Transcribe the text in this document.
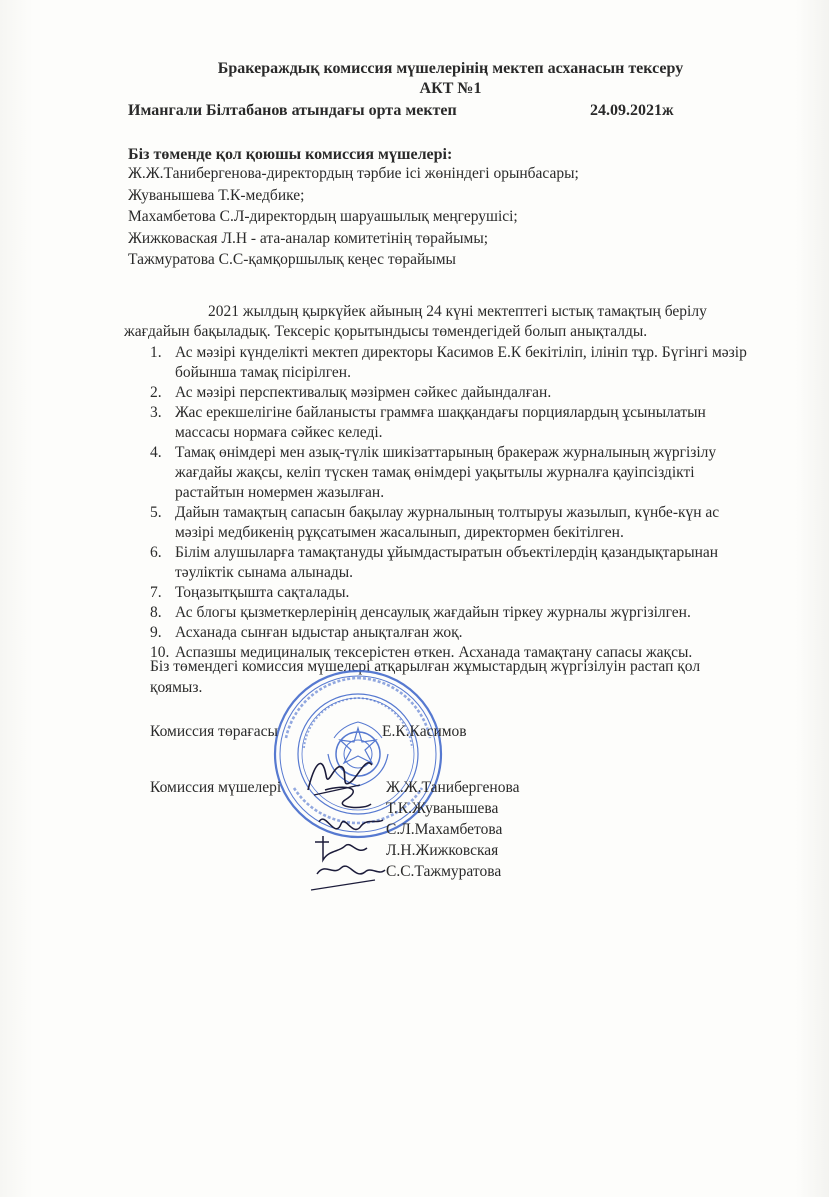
Бракераждық комиссия мүшелерінің мектеп асханасын тексеру
АКТ №1
Имангали Білтабанов атындағы орта мектеп	24.09.2021ж
Біз төменде қол қоюшы комиссия мүшелері:
Ж.Ж.Танибергенова-директордың тәрбие ісі жөніндегі орынбасары;
Жуванышева Т.К-медбике;
Махамбетова С.Л-директордың шаруашылық меңгерушісі;
Жижковаская Л.Н - ата-аналар комитетінің төрайымы;
Тажмуратова С.С-қамқоршылық кеңес төрайымы
2021 жылдың қыркүйек айының 24 күні мектептегі ыстық тамақтың берілу жағдайын бақыладық. Тексеріс қорытындысы төмендегідей болып анықталды.
1. Ас мәзірі күнделікті мектеп директоры Касимов Е.К бекітіліп, ілініп тұр. Бүгінгі мәзір бойынша тамақ пісірілген.
2. Ас мәзірі перспективалық мәзірмен сәйкес дайындалған.
3. Жас ерекшелігіне байланысты граммға шаққандағы порциялардың ұсынылатын массасы нормаға сәйкес келеді.
4. Тамақ өнімдері мен азық-түлік шикізаттарының бракераж журналының жүргізілу жағдайы жақсы, келіп түскен тамақ өнімдері уақытылы журналға қауіпсіздікті растайтын номермен жазылған.
5. Дайын тамақтың сапасын бақылау журналының толтыруы жазылып, күнбе-күн ас мәзірі медбикенің рұқсатымен жасалынып, директормен бекітілген.
6. Білім алушыларға тамақтануды ұйымдастыратын объектілердің қазандықтарынан тәуліктік сынама алынады.
7. Тоңазытқышта сақталады.
8. Ас блогы қызметкерлерінің денсаулық жағдайын тіркеу журналы жүргізілген.
9. Асханада сынған ыдыстар анықталған жоқ.
10. Аспазшы медициналық тексерістен өткен. Асханада тамақтану сапасы жақсы.
Біз төмендегі комиссия мүшелері атқарылған жұмыстардың жүргізілуін растап қол қоямыз.
Комиссия төрағасы	Е.К.Касимов
Комиссия мүшелері	Ж.Ж.Танибергенова
Т.К.Жуванышева
С.Л.Махамбетова
Л.Н.Жижковская
С.С.Тажмуратова
